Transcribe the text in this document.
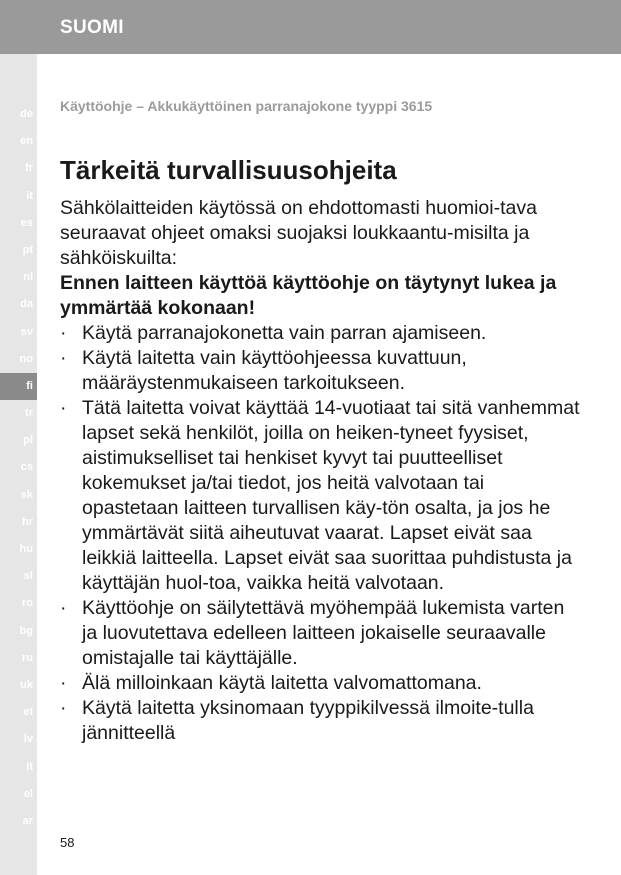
SUOMI
de
en
fr
it
es
pt
nl
da
sv
no
fi
tr
pl
cs
sk
hr
hu
sl
ro
bg
ru
uk
et
lv
lt
el
ar
Käyttöohje – Akkukäyttöinen parranajokone tyyppi 3615
Tärkeitä turvallisuusohjeita

Sähkölaitteiden käytössä on ehdottomasti huomioi-tava seuraavat ohjeet omaksi suojaksi loukkaantu-misilta ja sähköiskuilta:

Ennen laitteen käyttöä käyttöohje on täytynyt lukea ja ymmärtää kokonaan!

· Käytä parranajokonetta vain parran ajamiseen.
· Käytä laitetta vain käyttöohjeessa kuvattuun, määräystenmukaiseen tarkoitukseen.
· Tätä laitetta voivat käyttää 14-vuotiaat tai sitä vanhemmat lapset sekä henkilöt, joilla on heiken-tyneet fyysiset, aistimukselliset tai henkiset kyvyt tai puutteelliset kokemukset ja/tai tiedot, jos heitä valvotaan tai opastetaan laitteen turvallisen käy-tön osalta, ja jos he ymmärtävät siitä aiheutuvat vaarat. Lapset eivät saa leikkiä laitteella. Lapset eivät saa suorittaa puhdistusta ja käyttäjän huol-toa, vaikka heitä valvotaan.
· Käyttöohje on säilytettävä myöhempää lukemista varten ja luovutettava edelleen laitteen jokaiselle seuraavalle omistajalle tai käyttäjälle.
· Älä milloinkaan käytä laitetta valvomattomana.
· Käytä laitetta yksinomaan tyyppikilvessä ilmoite-tulla jännitteellä
58
